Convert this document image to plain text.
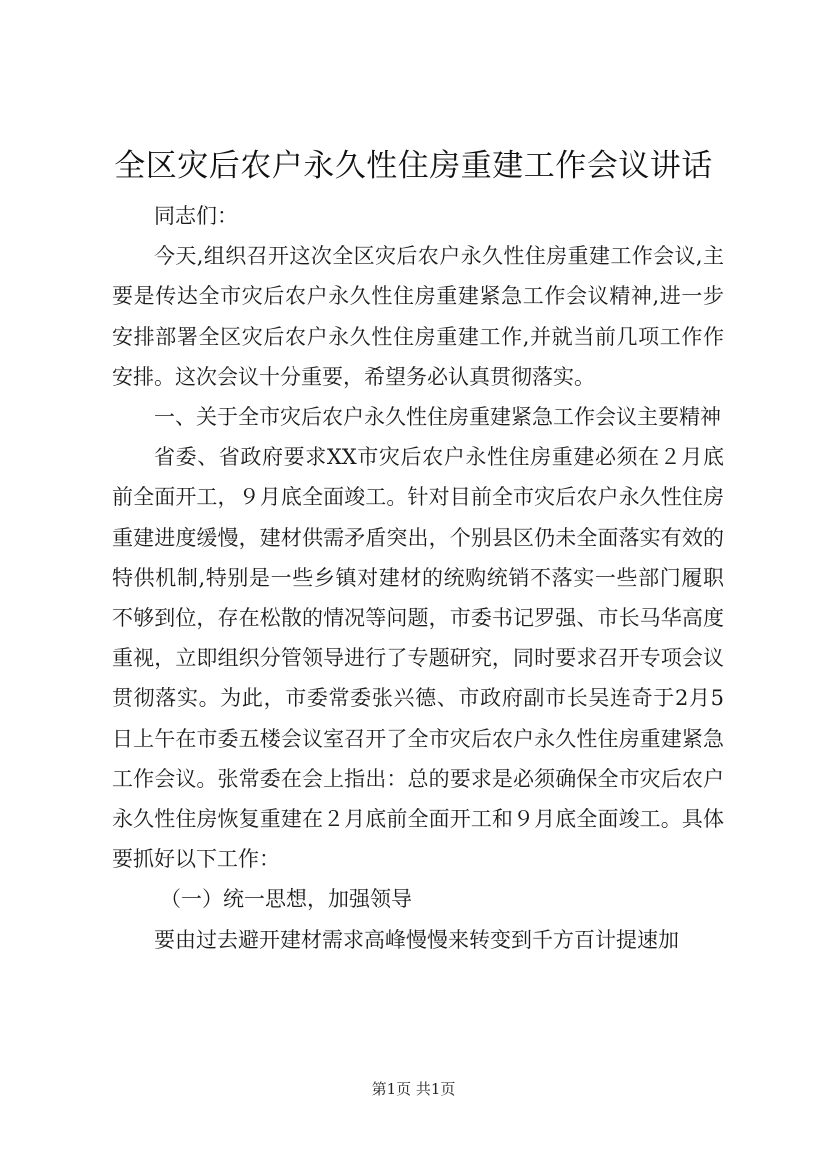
全区灾后农户永久性住房重建工作会议讲话

同志们：

今天,组织召开这次全区灾后农户永久性住房重建工作会议,主要是传达全市灾后农户永久性住房重建紧急工作会议精神,进一步安排部署全区灾后农户永久性住房重建工作,并就当前几项工作作安排。这次会议十分重要，希望务必认真贯彻落实。

一、关于全市灾后农户永久性住房重建紧急工作会议主要精神

省委、省政府要求XX市灾后农户永性住房重建必须在２月底前全面开工，９月底全面竣工。针对目前全市灾后农户永久性住房重建进度缓慢，建材供需矛盾突出，个别县区仍未全面落实有效的特供机制,特别是一些乡镇对建材的统购统销不落实一些部门履职不够到位，存在松散的情况等问题，市委书记罗强、市长马华高度重视，立即组织分管领导进行了专题研究，同时要求召开专项会议贯彻落实。为此，市委常委张兴德、市政府副市长吴连奇于2月5日上午在市委五楼会议室召开了全市灾后农户永久性住房重建紧急工作会议。张常委在会上指出：总的要求是必须确保全市灾后农户永久性住房恢复重建在２月底前全面开工和９月底全面竣工。具体要抓好以下工作：

（一）统一思想，加强领导

要由过去避开建材需求高峰慢慢来转变到千方百计提速加

第1页 共1页
